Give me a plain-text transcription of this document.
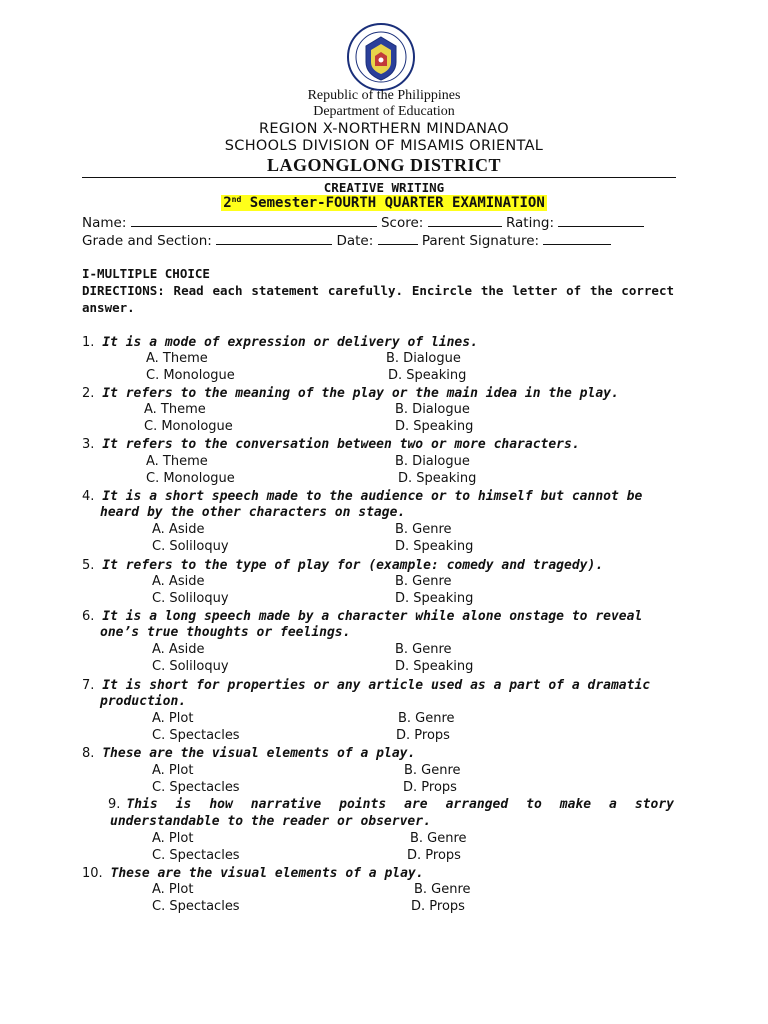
Republic of the Philippines
Department of Education
REGION X-NORTHERN MINDANAO
SCHOOLS DIVISION OF MISAMIS ORIENTAL
LAGONGLONG DISTRICT
CREATIVE WRITING
2nd Semester-FOURTH QUARTER EXAMINATION
Name:	Score:	Rating:
Grade and Section:	Date:	Parent Signature:
I-MULTIPLE CHOICE
DIRECTIONS: Read each statement carefully. Encircle the letter of the correct answer.
1. It is a mode of expression or delivery of lines.
A. Theme	B. Dialogue
C. Monologue	D. Speaking
2. It refers to the meaning of the play or the main idea in the play.
A. Theme	B. Dialogue
C. Monologue	D. Speaking
3. It refers to the conversation between two or more characters.
A. Theme	B. Dialogue
C. Monologue	D. Speaking
4. It is a short speech made to the audience or to himself but cannot be
heard by the other characters on stage.
A. Aside	B. Genre
C. Soliloquy	D. Speaking
5. It refers to the type of play for (example: comedy and tragedy).
A. Aside	B. Genre
C. Soliloquy	D. Speaking
6. It is a long speech made by a character while alone onstage to reveal
one’s true thoughts or feelings.
A. Aside	B. Genre
C. Soliloquy	D. Speaking
7. It is short for properties or any article used as a part of a dramatic
production.
A. Plot	B. Genre
C. Spectacles	D. Props
8. These are the visual elements of a play.
A. Plot	B. Genre
C. Spectacles	D. Props
9. This is how narrative points are arranged to make a story
understandable to the reader or observer.
A. Plot	B. Genre
C. Spectacles	D. Props
10. These are the visual elements of a play.
A. Plot	B. Genre
C. Spectacles	D. Props
